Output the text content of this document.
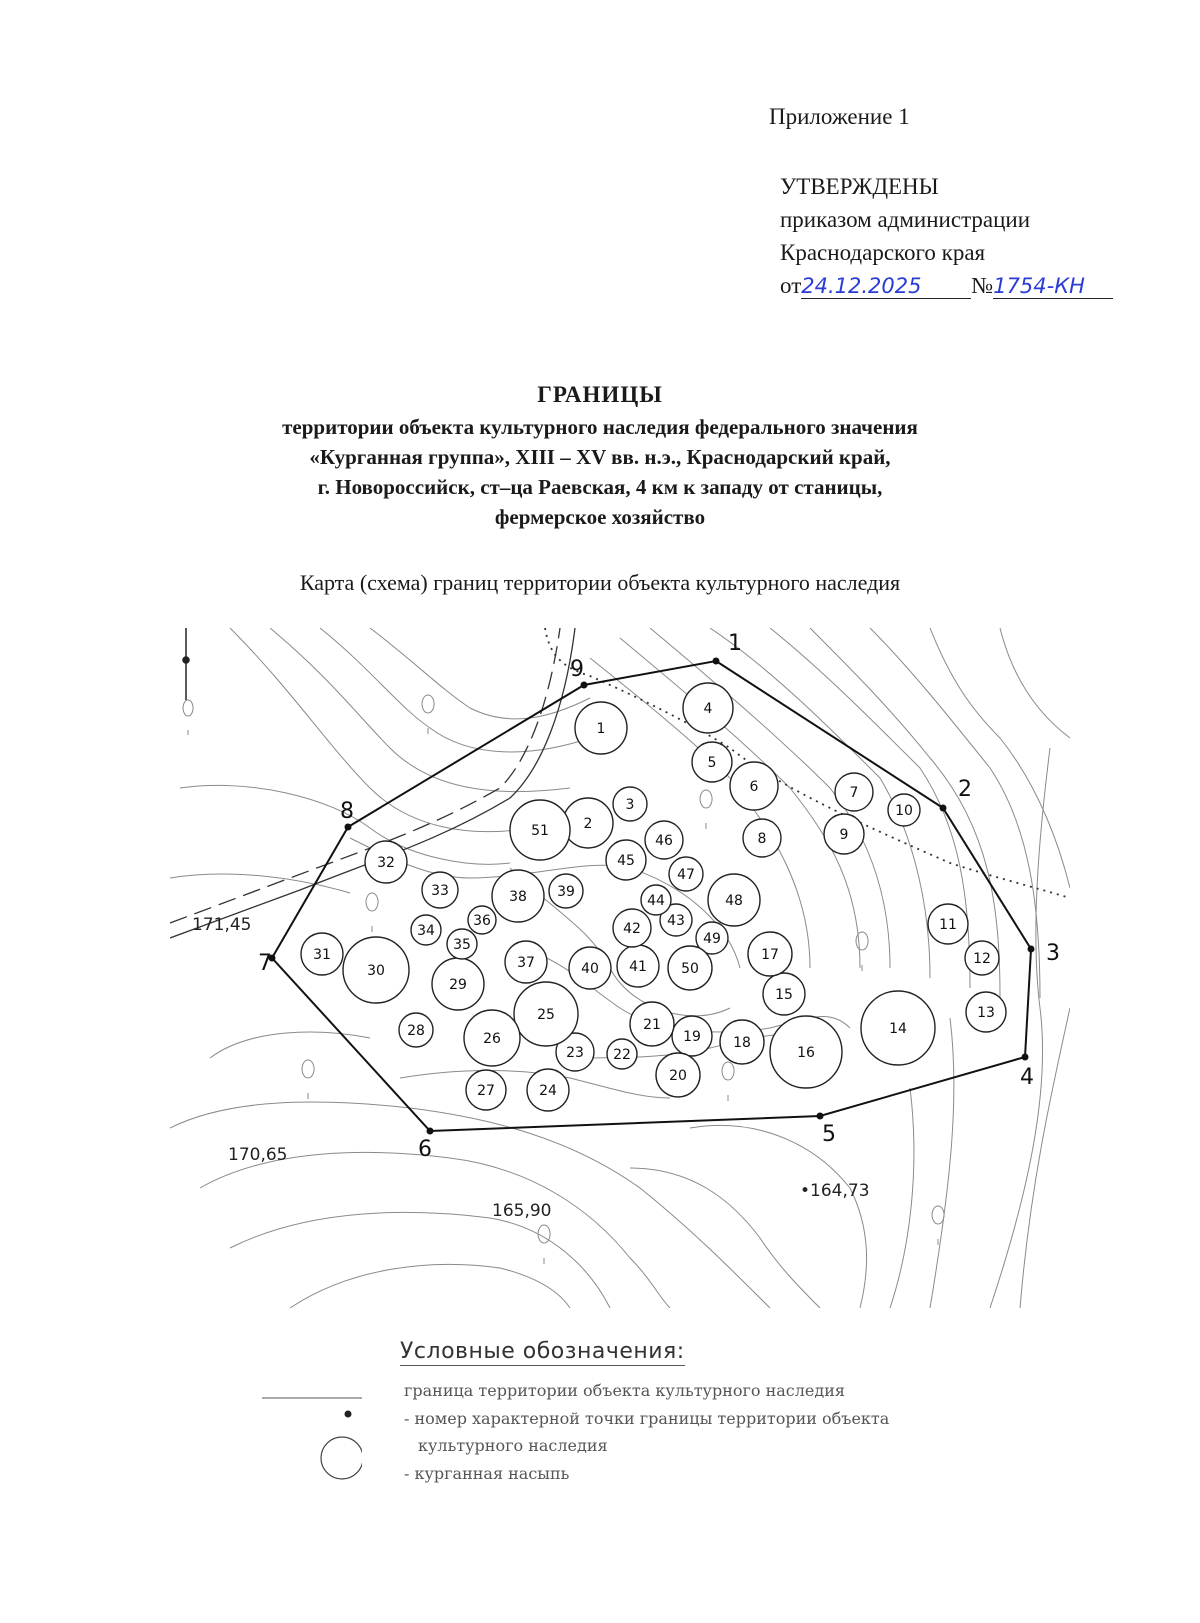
Приложение 1
УТВЕРЖДЕНЫ
приказом администрации
Краснодарского края
от24.12.2025 №1754-КН
ГРАНИЦЫ
территории объекта культурного наследия федерального значения
«Курганная группа», XIII – XV вв. н.э., Краснодарский край,
г. Новороссийск, ст–ца Раевская, 4 км к западу от станицы,
фермерское хозяйство
Карта (схема) границ территории объекта культурного наследия
1
2
3
4
5
6
7
8
9
1
2
3
4
5
6	7
8	9
10
11
12
13
14
15
16
17
18
19
20
21
22
23
24
25
26
27
28
29
30
31
32
33
34
35
36
37
38 39
40 41
42 43
44
45
46
47
48
49
50
51
171,45
170,65
165,90
•164,73
Условные обозначения:
граница территории объекта культурного наследия
- номер характерной точки границы территории объекта
культурного наследия
- курганная насыпь
